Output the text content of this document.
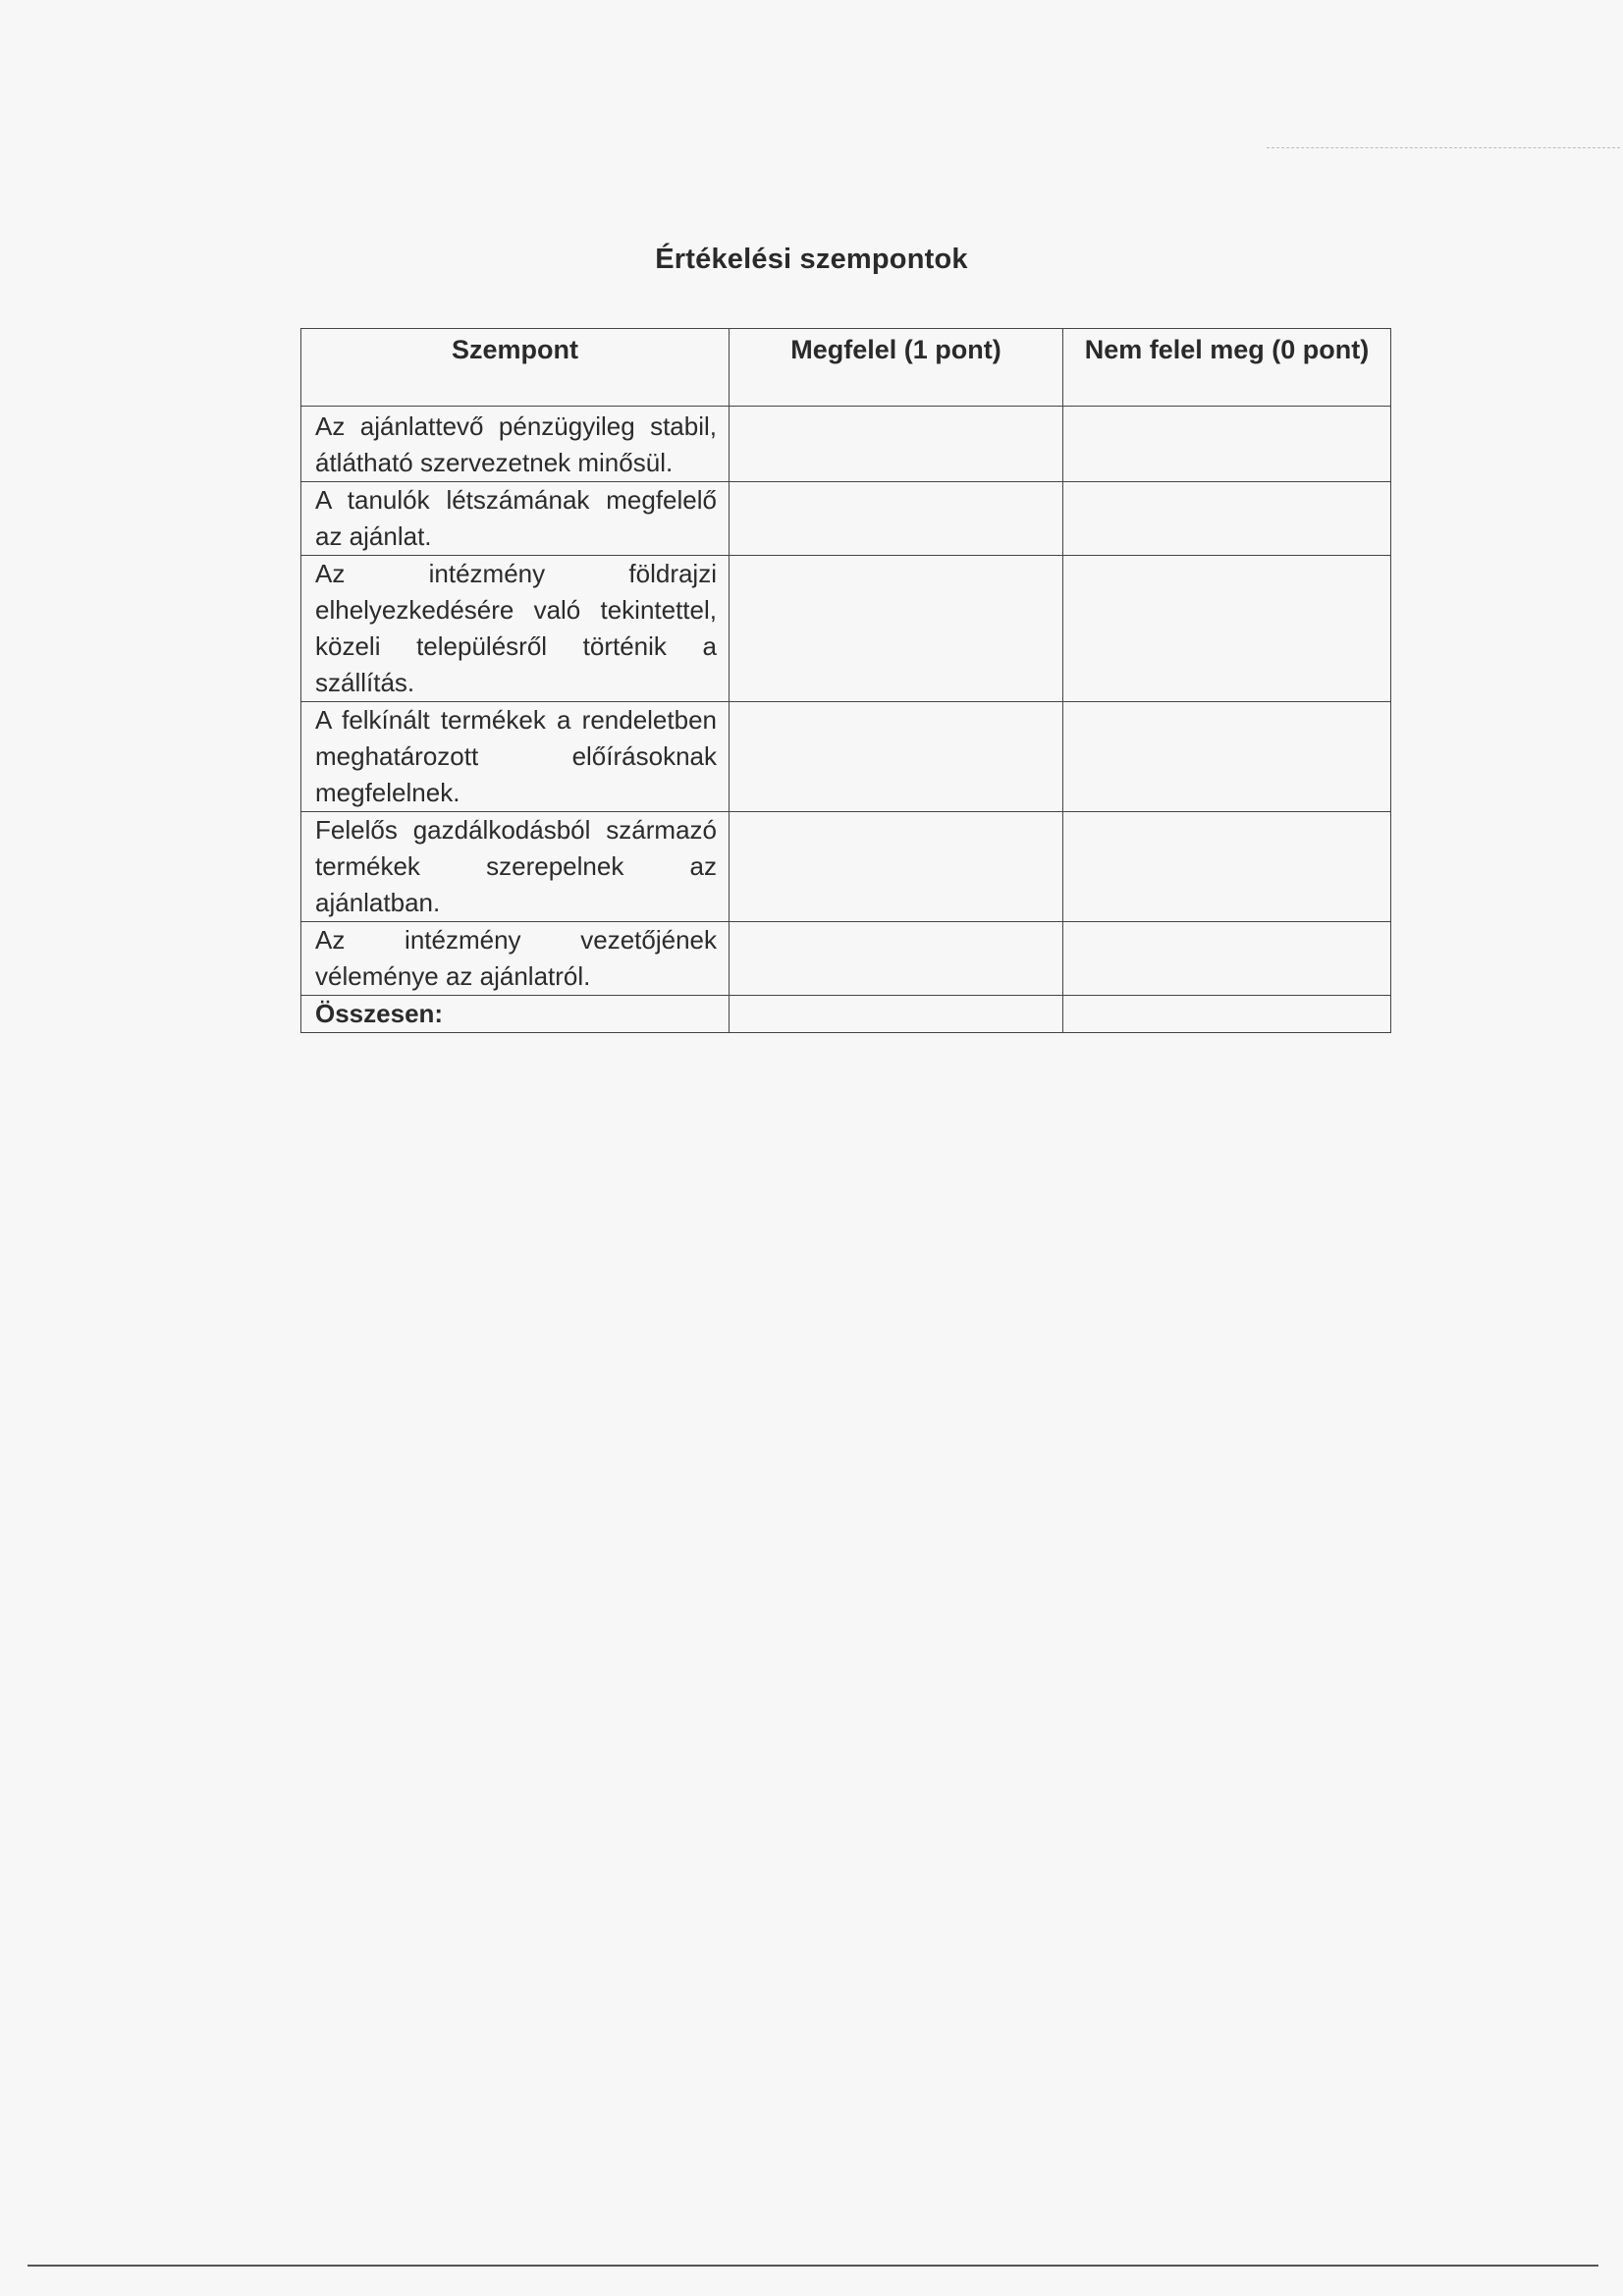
Értékelési szempontok
Szempont	Megfelel (1 pont)	Nem felel meg (0 pont)

Az ajánlattevő pénzügyileg stabil, átlátható szervezetnek minősül.		

A tanulók létszámának megfelelő az ajánlat.		

Az intézmény földrajzi elhelyezkedésére való tekintettel, közeli településről történik a szállítás.		

A felkínált termékek a rendeletben meghatározott előírásoknak megfelelnek.		

Felelős gazdálkodásból származó termékek szerepelnek az ajánlatban.		

Az intézmény vezetőjének véleménye az ajánlatról.		

Összesen:		
